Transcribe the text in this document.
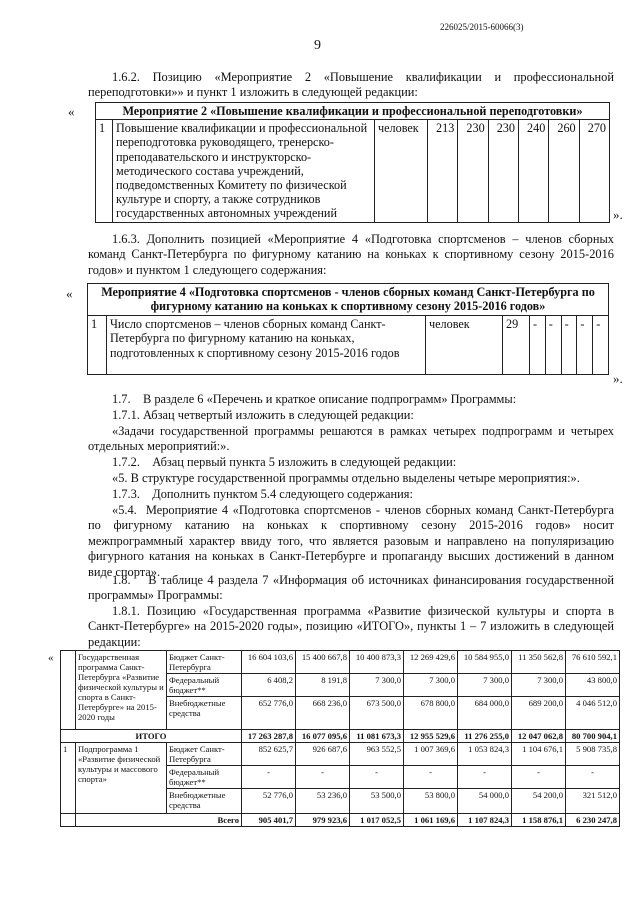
226025/2015-60066(3)
9
1.6.2. Позицию «Мероприятие 2 «Повышение квалификации и профессиональной переподготовки»» и пункт 1 изложить в следующей редакции:
«	Мероприятие 2 «Повышение квалификации и профессиональной переподготовки»
1	Повышение квалификации и профессиональной переподготовка руководящего, тренерско-преподавательского и инструкторско-методического состава учреждений, подведомственных Комитету по физической культуре и спорту, а также сотрудников государственных автономных учреждений	человек	213	230	230	240	260	270
».
1.6.3. Дополнить позицией «Мероприятие 4 «Подготовка спортсменов – членов сборных команд Санкт-Петербурга по фигурному катанию на коньках к спортивному сезону 2015-2016 годов» и пунктом 1 следующего содержания:
« Мероприятие 4 «Подготовка спортсменов - членов сборных команд Санкт-Петербурга по фигурному катанию на коньках к спортивному сезону 2015-2016 годов»
1	Число спортсменов – членов сборных команд Санкт-Петербурга по фигурному катанию на коньках, подготовленных к спортивному сезону 2015-2016 годов	человек	29	-	-	-	-	-
».
1.7.    В разделе 6 «Перечень и краткое описание подпрограмм» Программы:
1.7.1. Абзац четвертый изложить в следующей редакции:
«Задачи государственной программы решаются в рамках четырех подпрограмм и четырех отдельных мероприятий:».
1.7.2.    Абзац первый пункта 5 изложить в следующей редакции:
«5. В структуре государственной программы отдельно выделены четыре мероприятия:».
1.7.3.    Дополнить пунктом 5.4 следующего содержания:
«5.4.  Мероприятие 4 «Подготовка спортсменов - членов сборных команд Санкт-Петербурга по фигурному катанию на коньках к спортивному сезону 2015-2016 годов» носит межпрограммный характер ввиду того, что является разовым и направлено на популяризацию фигурного катания на коньках в Санкт-Петербурге и пропаганду высших достижений в данном виде спорта».
1.8.    В таблице 4 раздела 7 «Информация об источниках финансирования государственной программы» Программы:
1.8.1. Позицию «Государственная программа «Развитие физической культуры и спорта в Санкт-Петербурге» на 2015-2020 годы», позицию «ИТОГО», пункты 1 – 7 изложить в следующей редакции:
«
		Государственная программа Санкт-Петербурга «Развитие физической культуры и спорта в Санкт-Петербурге» на 2015-2020 годы	Бюджет Санкт-Петербурга	16 604 103,6	15 400 667,8	10 400 873,3	12 269 429,6	10 584 955,0	11 350 562,8	76 610 592,1
		Федеральный бюджет**	6 408,2	8 191,8	7 300,0	7 300,0	7 300,0	7 300,0	43 800,0
		Внебюджетные средства	652 776,0	668 236,0	673 500,0	678 800,0	684 000,0	689 200,0	4 046 512,0
ИТОГО			17 263 287,8	16 077 095,6	11 081 673,3	12 955 529,6	11 276 255,0	12 047 062,8	80 700 904,1
1	Подпрограмма 1 «Развитие физической культуры и массового спорта»	Бюджет Санкт-Петербурга	852 625,7	926 687,6	963 552,5	1 007 369,6	1 053 824,3	1 104 676,1	5 908 735,8
		Федеральный бюджет**	-	-	-	-	-	-	-
		Внебюджетные средства	52 776,0	53 236,0	53 500,0	53 800,0	54 000,0	54 200,0	321 512,0
	Всего		905 401,7	979 923,6	1 017 052,5	1 061 169,6	1 107 824,3	1 158 876,1	6 230 247,8
